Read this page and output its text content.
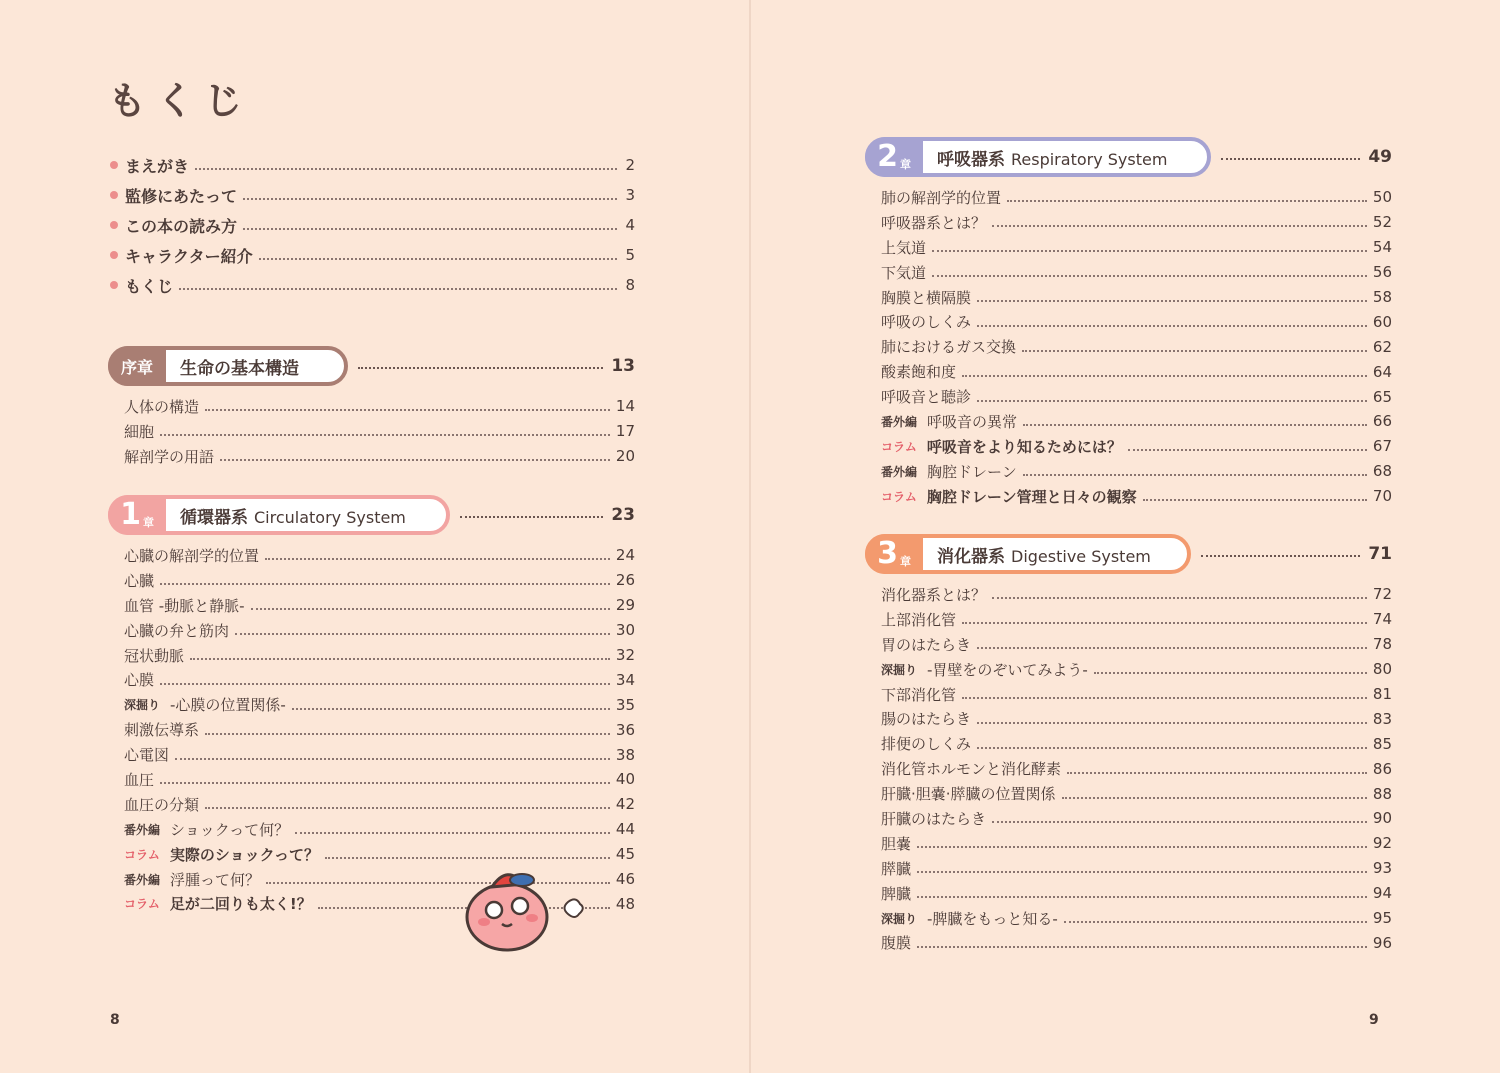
もくじ
まえがき	2
監修にあたって	3
この本の読み方	4
キャラクター紹介	5
もくじ	8
序章 生命の基本構造	13
人体の構造	14
細胞	17
解剖学の用語	20
1 章 循環器系 Circulatory System	23
心臓の解剖学的位置	24
心臓	26
血管 -動脈と静脈-	29
心臓の弁と筋肉	30
冠状動脈	32
心膜	34
深掘り -心膜の位置関係-	35
刺激伝導系	36
心電図	38
血圧	40
血圧の分類	42
番外編 ショックって何？	44
コラム 実際のショックって？	45
番外編 浮腫って何？	46
コラム 足が二回りも太く!？	48
8
2 章 呼吸器系 Respiratory System	49
肺の解剖学的位置	50
呼吸器系とは？	52
上気道	54
下気道	56
胸膜と横隔膜	58
呼吸のしくみ	60
肺におけるガス交換	62
酸素飽和度	64
呼吸音と聴診	65
番外編 呼吸音の異常	66
コラム 呼吸音をより知るためには？	67
番外編 胸腔ドレーン	68
コラム 胸腔ドレーン管理と日々の観察	70
3 章 消化器系 Digestive System	71
消化器系とは？	72
上部消化管	74
胃のはたらき	78
深掘り -胃壁をのぞいてみよう-	80
下部消化管	81
腸のはたらき	83
排便のしくみ	85
消化管ホルモンと消化酵素	86
肝臓·胆嚢·膵臓の位置関係	88
肝臓のはたらき	90
胆嚢	92
膵臓	93
脾臓	94
深掘り -脾臓をもっと知る-	95
腹膜	96
9
